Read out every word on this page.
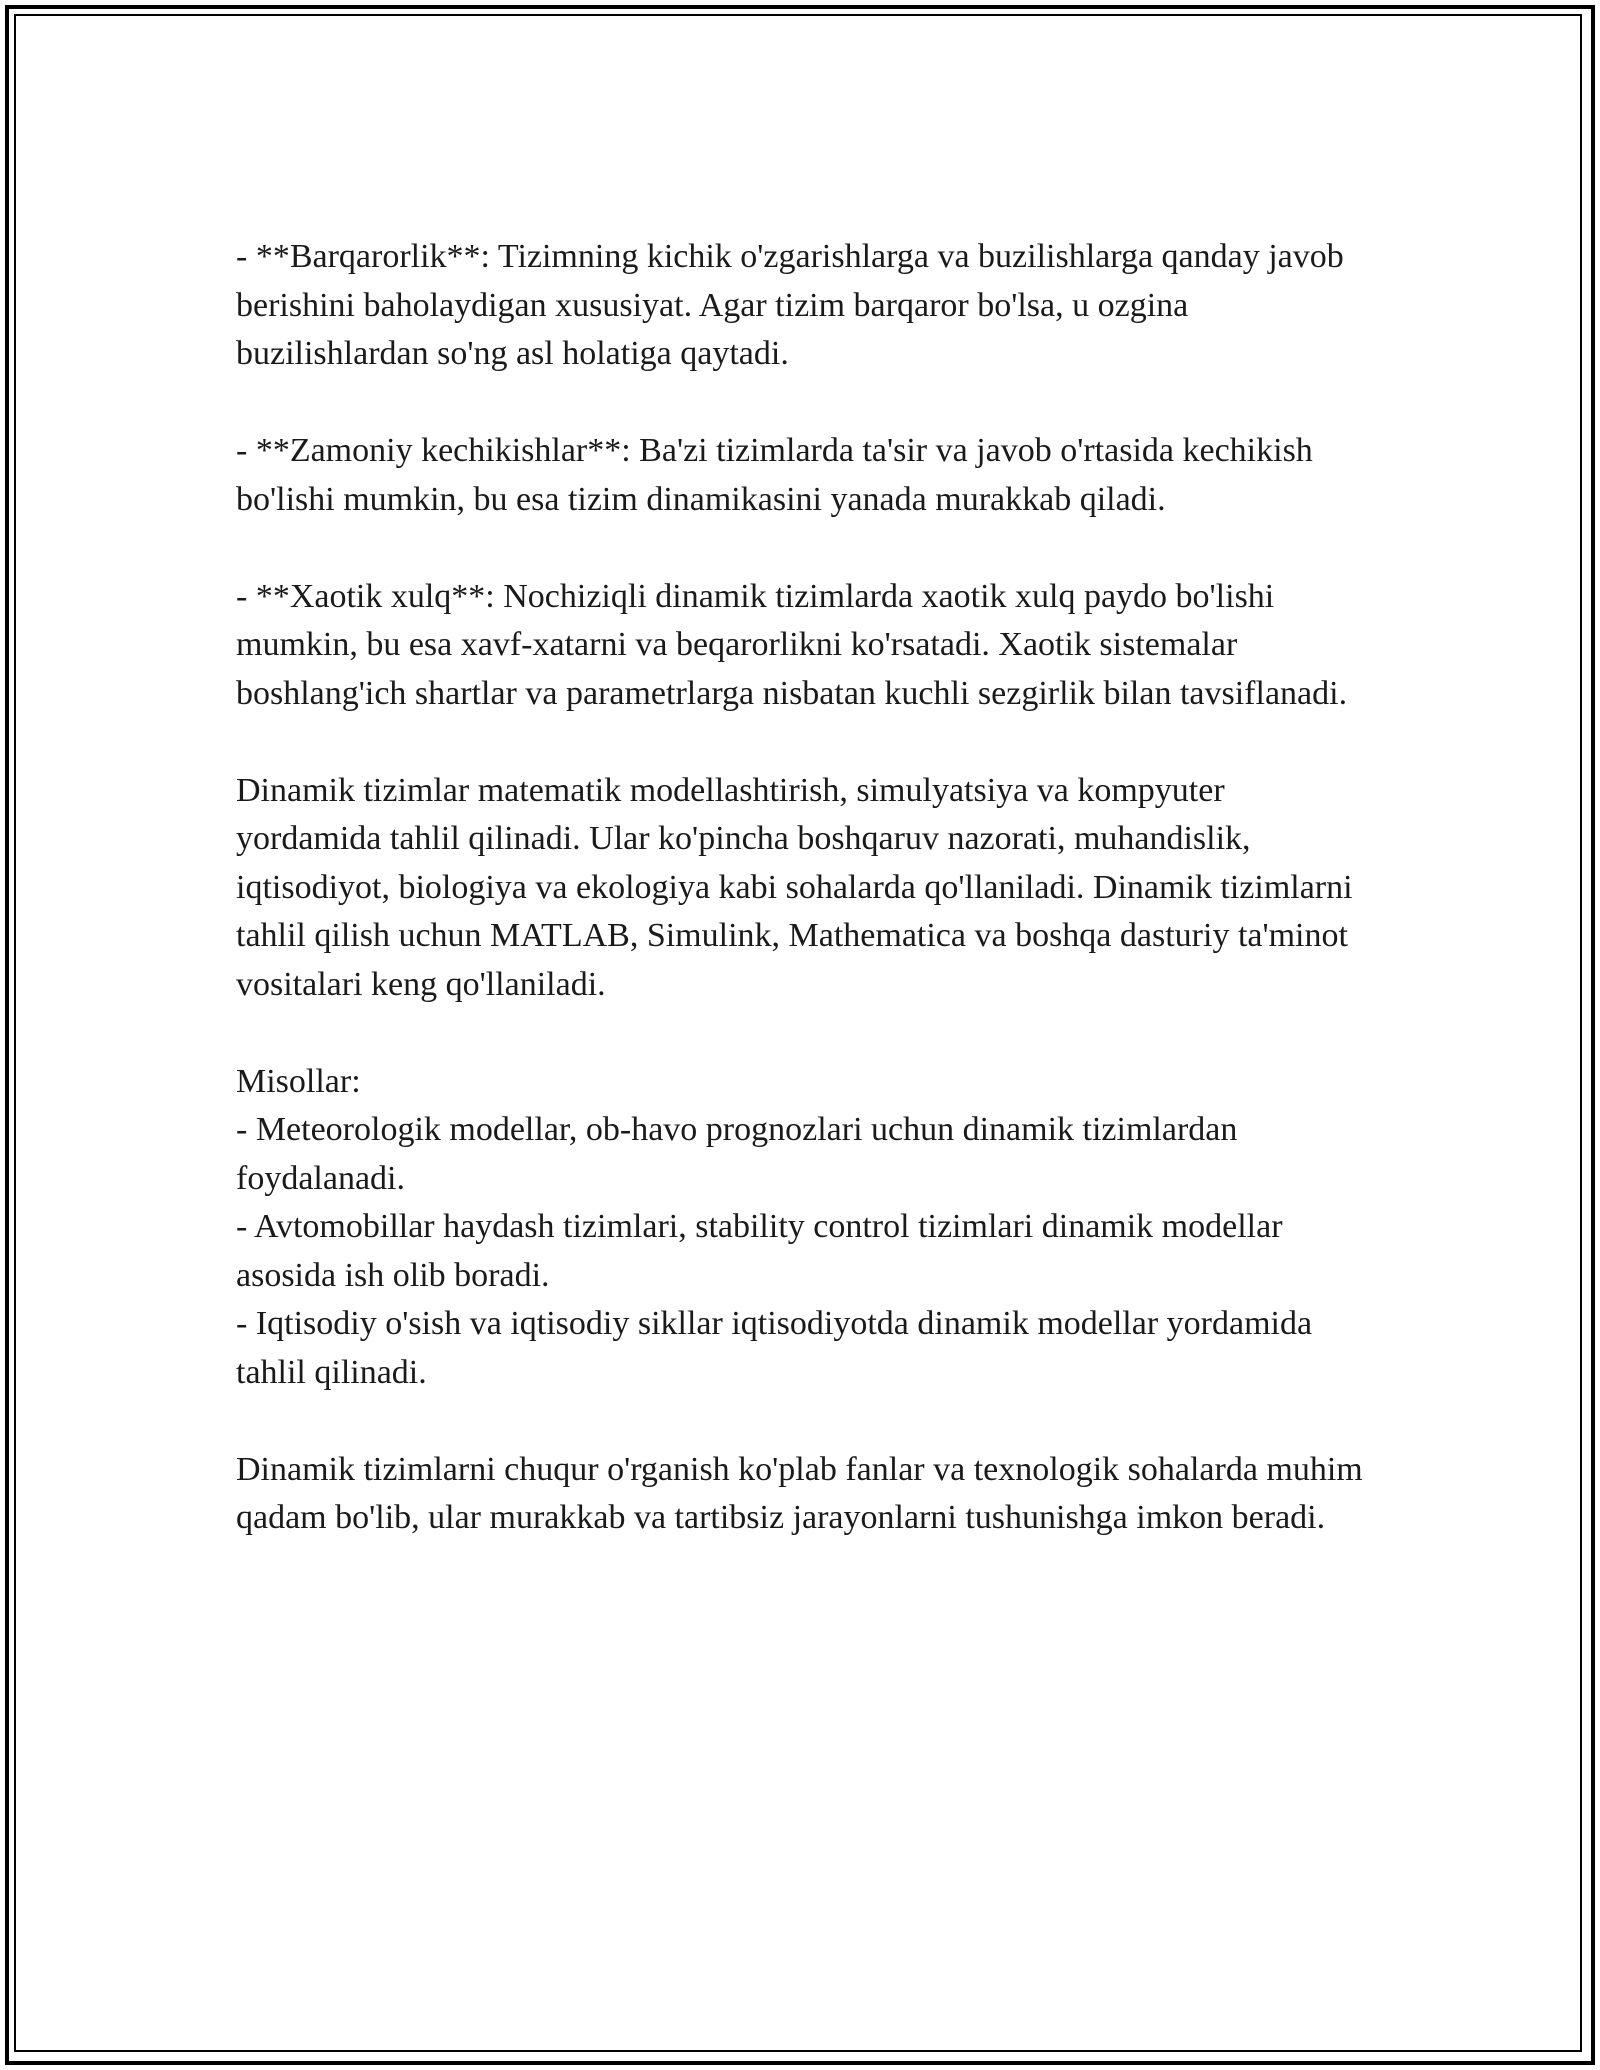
- **Barqarorlik**: Tizimning kichik o'zgarishlarga va buzilishlarga qanday javob berishini baholaydigan xususiyat. Agar tizim barqaror bo'lsa, u ozgina buzilishlardan so'ng asl holatiga qaytadi.

- **Zamoniy kechikishlar**: Ba'zi tizimlarda ta'sir va javob o'rtasida kechikish bo'lishi mumkin, bu esa tizim dinamikasini yanada murakkab qiladi.

- **Xaotik xulq**: Nochiziqli dinamik tizimlarda xaotik xulq paydo bo'lishi mumkin, bu esa xavf-xatarni va beqarorlikni ko'rsatadi. Xaotik sistemalar boshlang'ich shartlar va parametrlarga nisbatan kuchli sezgirlik bilan tavsiflanadi.

Dinamik tizimlar matematik modellashtirish, simulyatsiya va kompyuter yordamida tahlil qilinadi. Ular ko'pincha boshqaruv nazorati, muhandislik, iqtisodiyot, biologiya va ekologiya kabi sohalarda qo'llaniladi. Dinamik tizimlarni tahlil qilish uchun MATLAB, Simulink, Mathematica va boshqa dasturiy ta'minot vositalari keng qo'llaniladi.

Misollar:
- Meteorologik modellar, ob-havo prognozlari uchun dinamik tizimlardan foydalanadi.
- Avtomobillar haydash tizimlari, stability control tizimlari dinamik modellar asosida ish olib boradi.
- Iqtisodiy o'sish va iqtisodiy sikllar iqtisodiyotda dinamik modellar yordamida tahlil qilinadi.

Dinamik tizimlarni chuqur o'rganish ko'plab fanlar va texnologik sohalarda muhim qadam bo'lib, ular murakkab va tartibsiz jarayonlarni tushunishga imkon beradi.
